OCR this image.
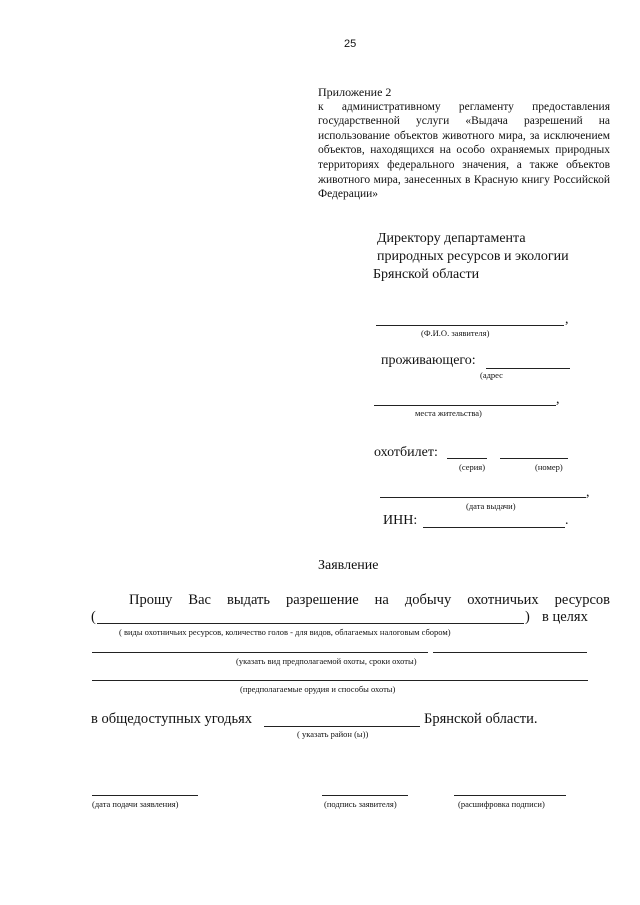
25
Приложение 2
к административному регламенту предоставления государственной услуги «Выдача разрешений на использование объектов животного мира, за исключением объектов, находящихся на особо охраняемых природных территориях федерального значения, а также объектов животного мира, занесенных в Красную книгу Российской Федерации»
Директору департамента
природных ресурсов и экологии
Брянской области
,
(Ф.И.О. заявителя)
проживающего:
(адрес
,
места жительства)
охотбилет:
(серия)	(номер)
,
(дата выдачи)
ИНН:	.
Заявление
Прошу Вас выдать разрешение на добычу охотничьих ресурсов
(	) в целях
( виды охотничьих ресурсов, количество голов - для видов, облагаемых налоговым сбором)
(указать вид предполагаемой охоты, сроки охоты)
(предполагаемые орудия и способы охоты)
в общедоступных угодьях	Брянской области.
( указать район (ы))
(дата подачи заявления)	(подпись заявителя)	(расшифровка подписи)
